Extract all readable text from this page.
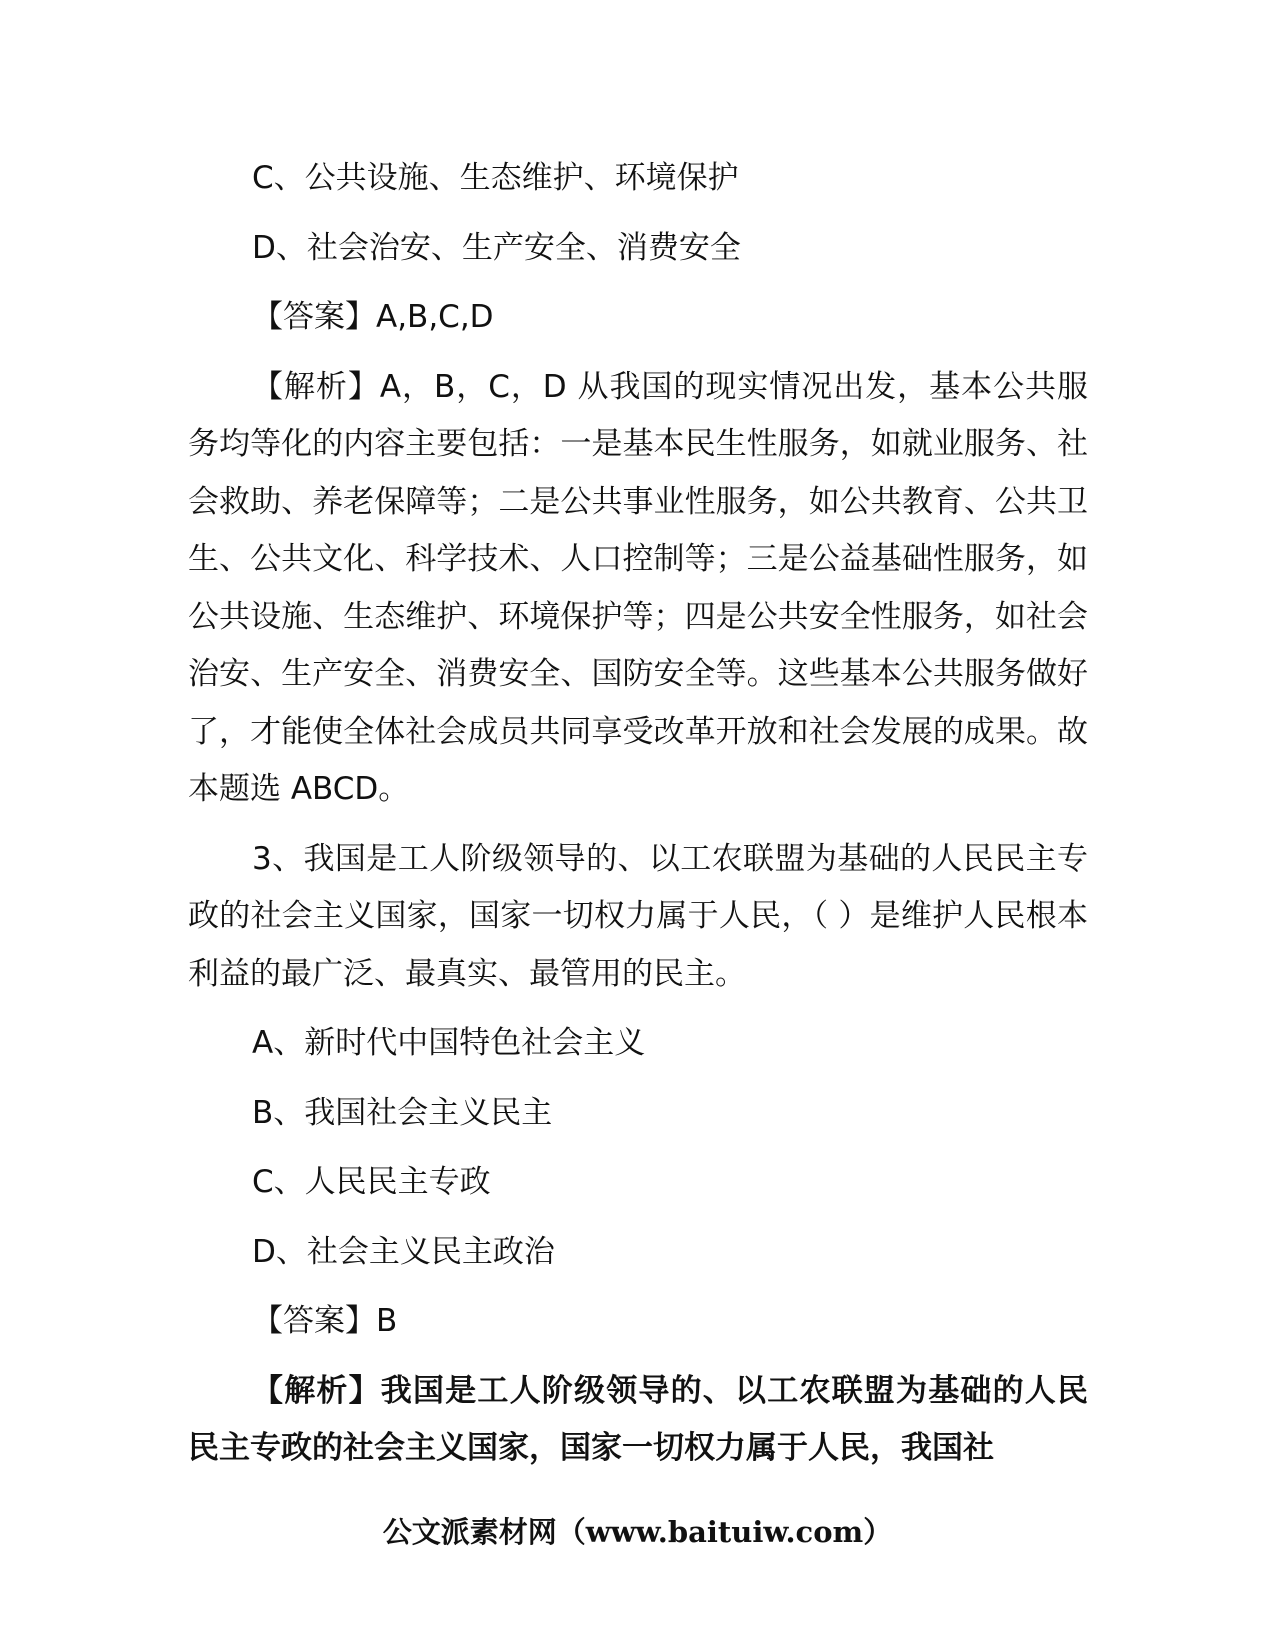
C、公共设施、生态维护、环境保护

D、社会治安、生产安全、消费安全

【答案】A,B,C,D

【解析】A，B，C，D 从我国的现实情况出发，基本公共服务均等化的内容主要包括：一是基本民生性服务，如就业服务、社会救助、养老保障等；二是公共事业性服务，如公共教育、公共卫生、公共文化、科学技术、人口控制等；三是公益基础性服务，如公共设施、生态维护、环境保护等；四是公共安全性服务，如社会治安、生产安全、消费安全、国防安全等。这些基本公共服务做好了，才能使全体社会成员共同享受改革开放和社会发展的成果。故本题选 ABCD。

3、我国是工人阶级领导的、以工农联盟为基础的人民民主专政的社会主义国家，国家一切权力属于人民，（ ）是维护人民根本利益的最广泛、最真实、最管用的民主。

A、新时代中国特色社会主义

B、我国社会主义民主

C、人民民主专政

D、社会主义民主政治

【答案】B

【解析】我国是工人阶级领导的、以工农联盟为基础的人民民主专政的社会主义国家，国家一切权力属于人民，我国社

公文派素材网（www.baituiw.com）
